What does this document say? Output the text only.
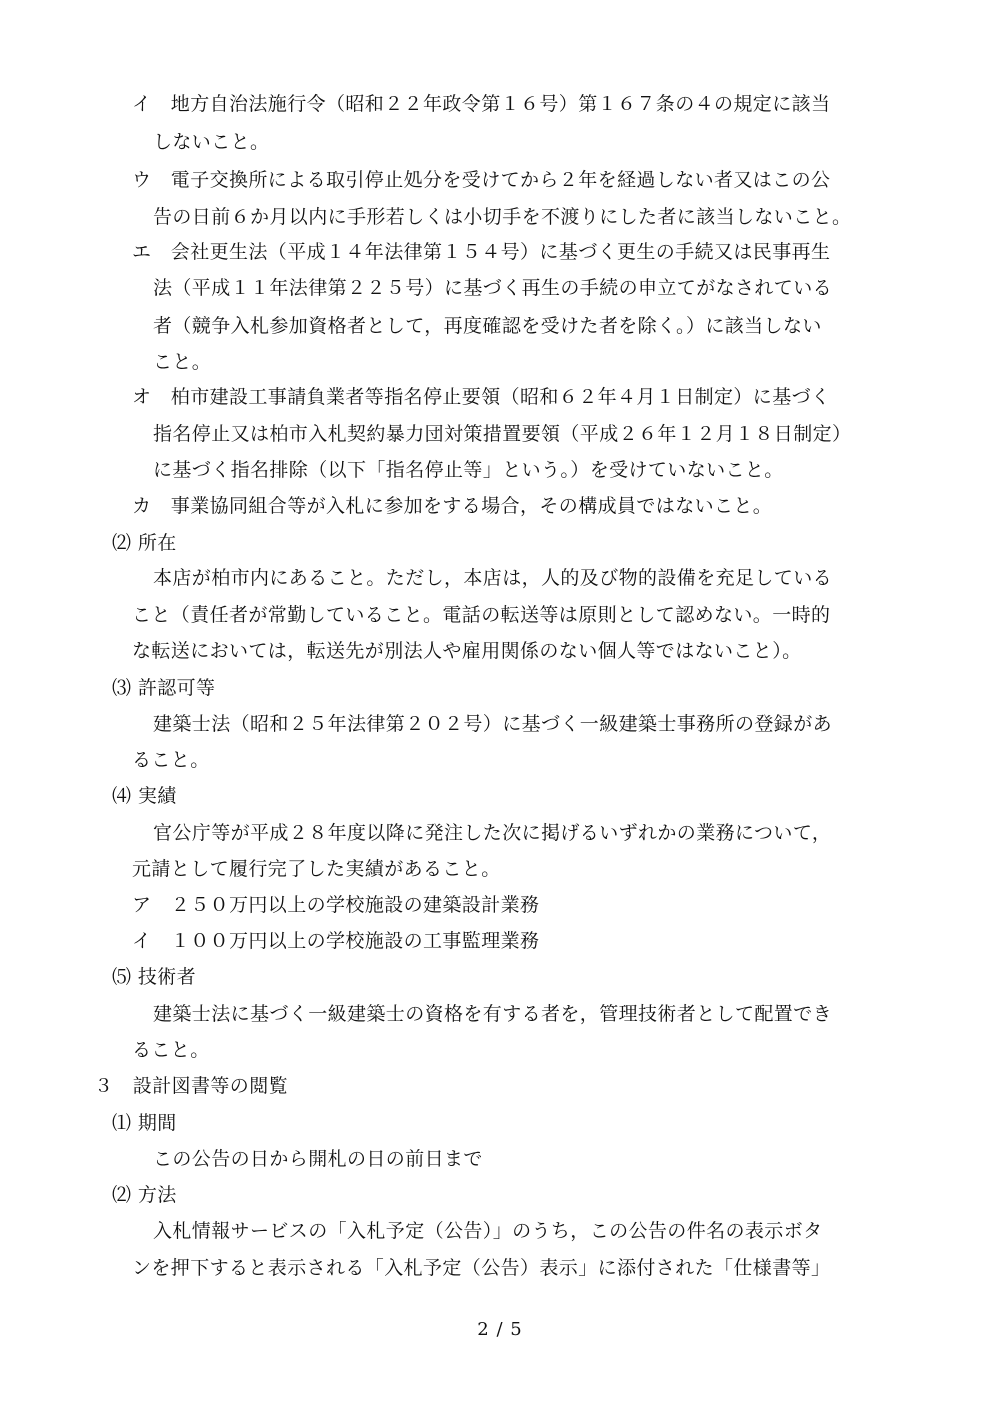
イ　地方自治法施行令（昭和２２年政令第１６号）第１６７条の４の規定に該当
しないこと。
ウ　電子交換所による取引停止処分を受けてから２年を経過しない者又はこの公
告の日前６か月以内に手形若しくは小切手を不渡りにした者に該当しないこと。
エ　会社更生法（平成１４年法律第１５４号）に基づく更生の手続又は民事再生
法（平成１１年法律第２２５号）に基づく再生の手続の申立てがなされている
者（競争入札参加資格者として，再度確認を受けた者を除く。）に該当しない
こと。
オ　柏市建設工事請負業者等指名停止要領（昭和６２年４月１日制定）に基づく
指名停止又は柏市入札契約暴力団対策措置要領（平成２６年１２月１８日制定）
に基づく指名排除（以下「指名停止等」という。）を受けていないこと。
カ　事業協同組合等が入札に参加をする場合，その構成員ではないこと。
⑵ 所在
本店が柏市内にあること。ただし，本店は，人的及び物的設備を充足している
こと（責任者が常勤していること。電話の転送等は原則として認めない。一時的
な転送においては，転送先が別法人や雇用関係のない個人等ではないこと）。
⑶ 許認可等
建築士法（昭和２５年法律第２０２号）に基づく一級建築士事務所の登録があ
ること。
⑷ 実績
官公庁等が平成２８年度以降に発注した次に掲げるいずれかの業務について，
元請として履行完了した実績があること。
ア　２５０万円以上の学校施設の建築設計業務
イ　１００万円以上の学校施設の工事監理業務
⑸ 技術者
建築士法に基づく一級建築士の資格を有する者を，管理技術者として配置でき
ること。
３　設計図書等の閲覧
⑴ 期間
この公告の日から開札の日の前日まで
⑵ 方法
入札情報サービスの「入札予定（公告）」のうち，この公告の件名の表示ボタ
ンを押下すると表示される「入札予定（公告）表示」に添付された「仕様書等」
2 / 5
